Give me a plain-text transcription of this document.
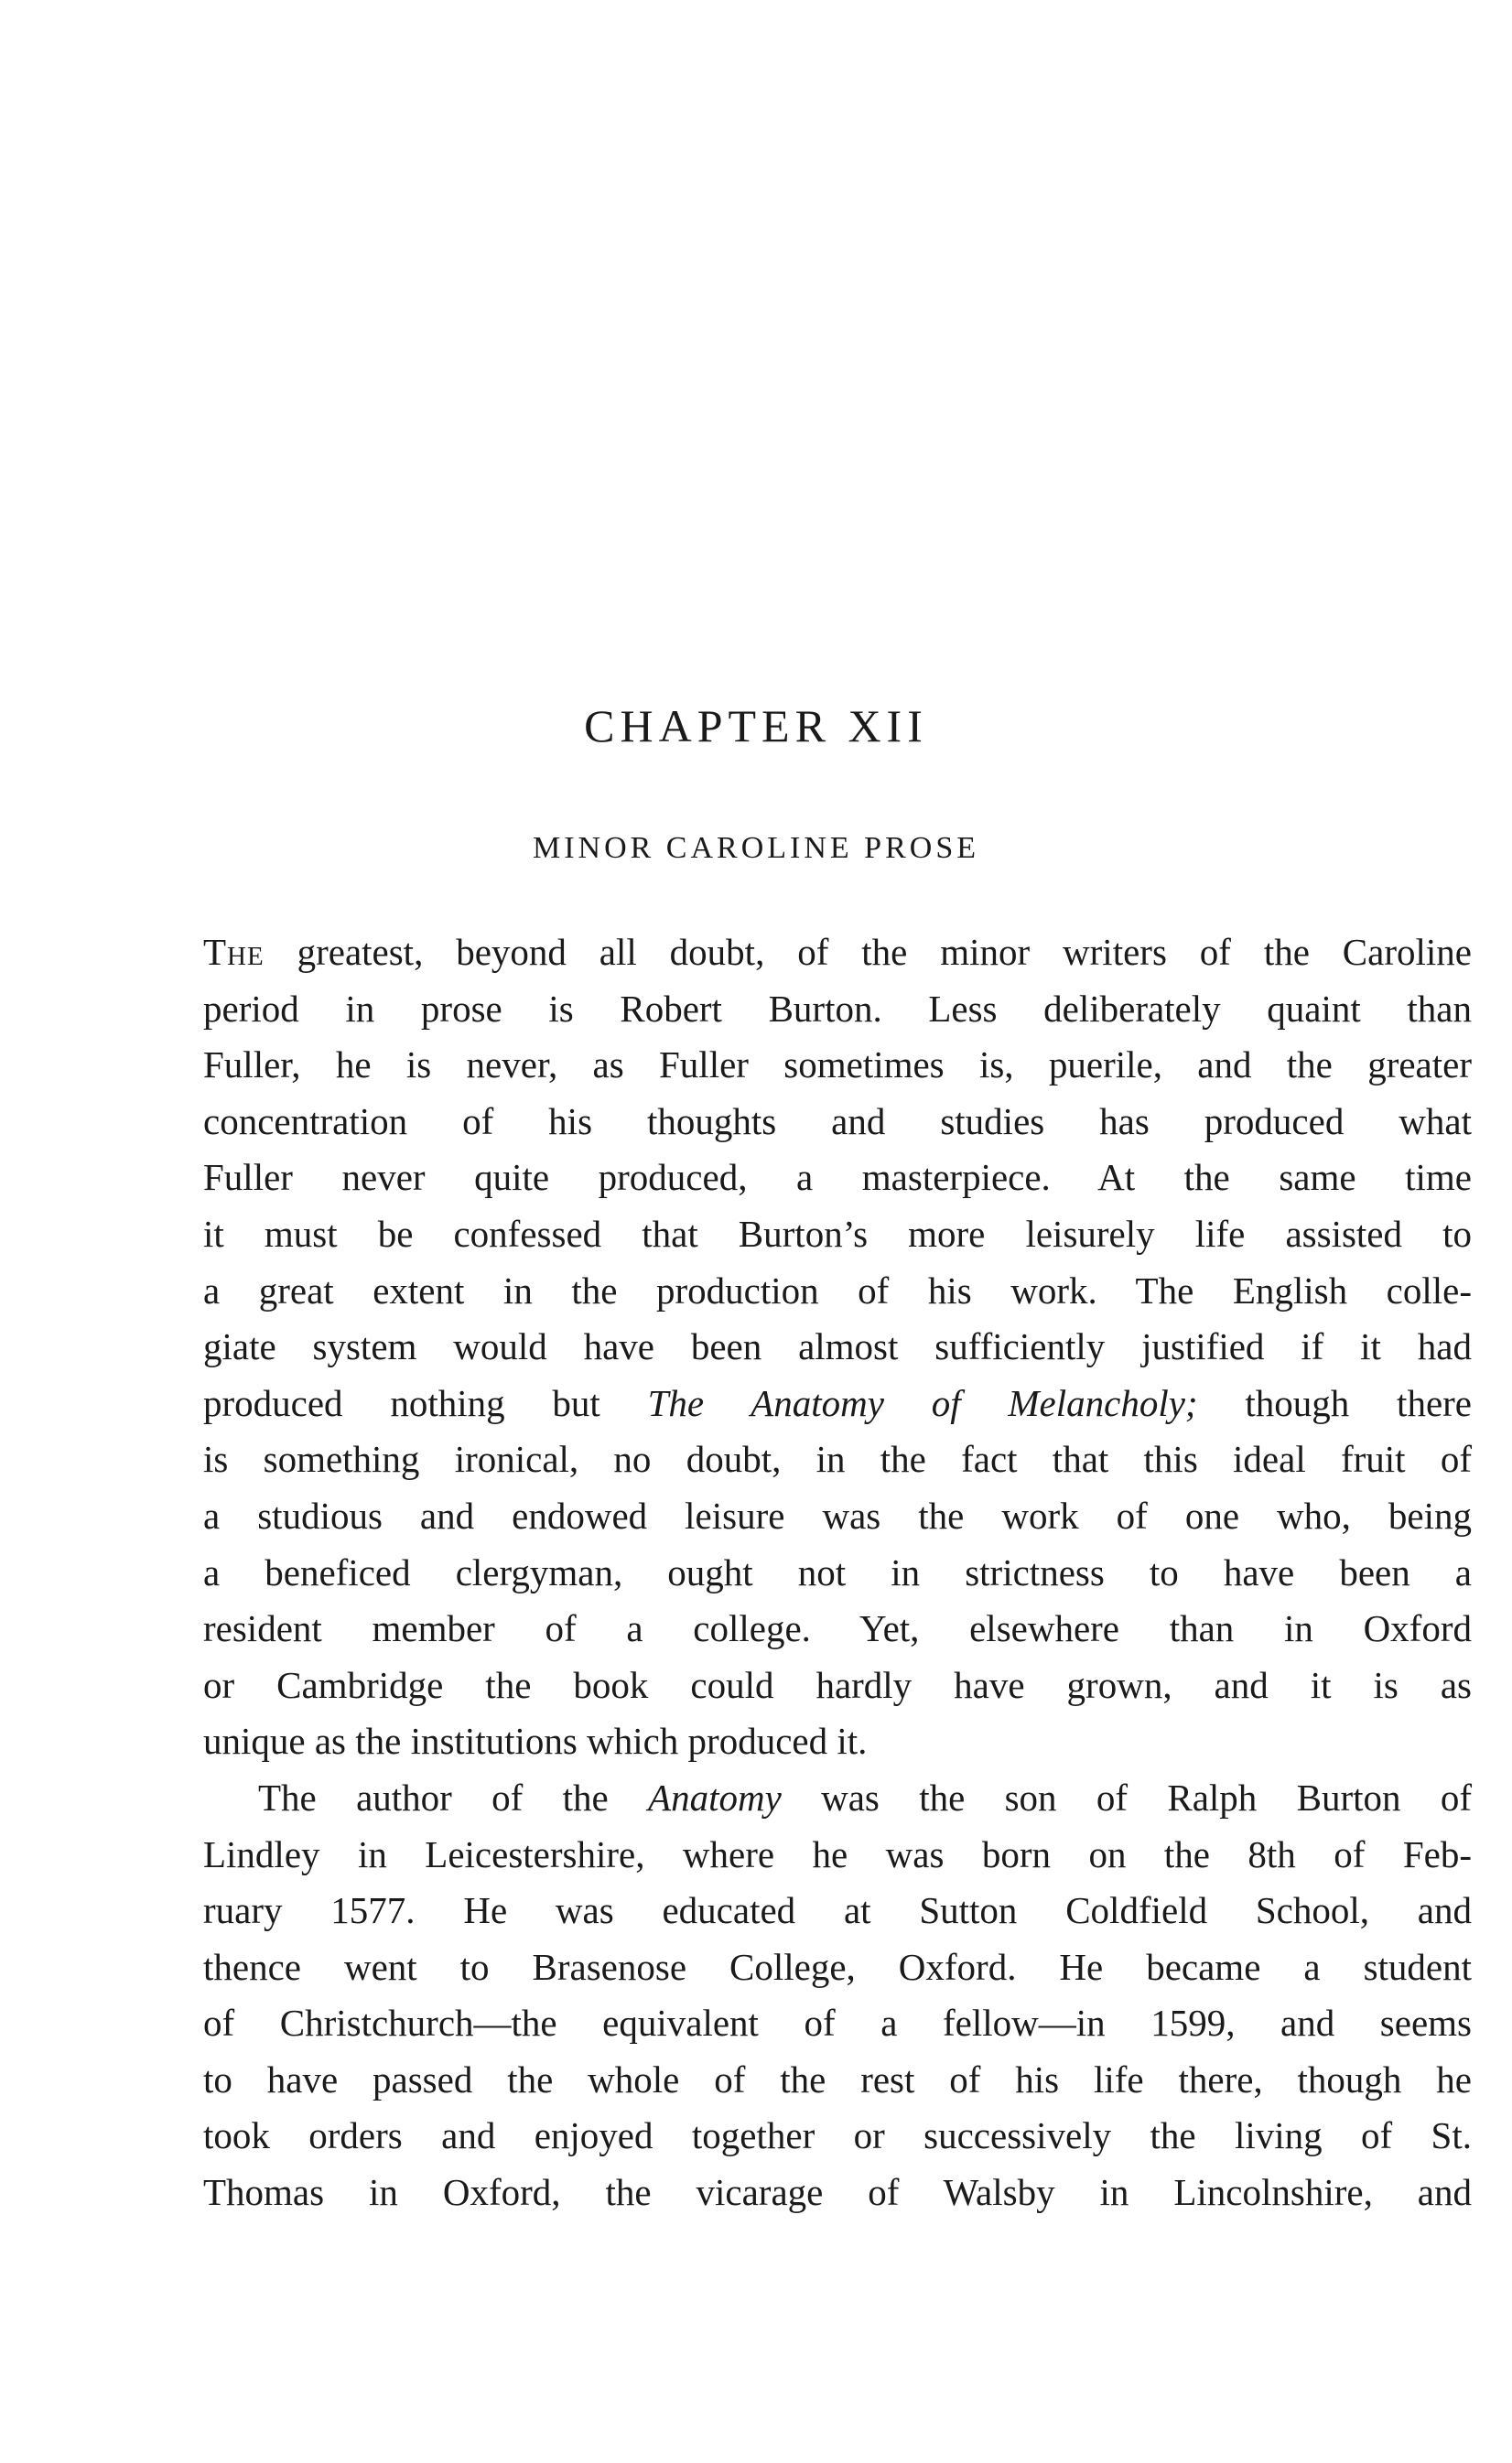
CHAPTER XII
MINOR CAROLINE PROSE
The greatest, beyond all doubt, of the minor writers of the Caroline
period in prose is Robert Burton. Less deliberately quaint than
Fuller, he is never, as Fuller sometimes is, puerile, and the greater
concentration of his thoughts and studies has produced what
Fuller never quite produced, a masterpiece. At the same time
it must be confessed that Burton’s more leisurely life assisted to
a great extent in the production of his work. The English colle-
giate system would have been almost sufficiently justified if it had
produced nothing but The Anatomy of Melancholy; though there
is something ironical, no doubt, in the fact that this ideal fruit of
a studious and endowed leisure was the work of one who, being
a beneficed clergyman, ought not in strictness to have been a
resident member of a college. Yet, elsewhere than in Oxford
or Cambridge the book could hardly have grown, and it is as
unique as the institutions which produced it.
The author of the Anatomy was the son of Ralph Burton of
Lindley in Leicestershire, where he was born on the 8th of Feb-
ruary 1577. He was educated at Sutton Coldfield School, and
thence went to Brasenose College, Oxford. He became a student
of Christchurch—the equivalent of a fellow—in 1599, and seems
to have passed the whole of the rest of his life there, though he
took orders and enjoyed together or successively the living of St.
Thomas in Oxford, the vicarage of Walsby in Lincolnshire, and
